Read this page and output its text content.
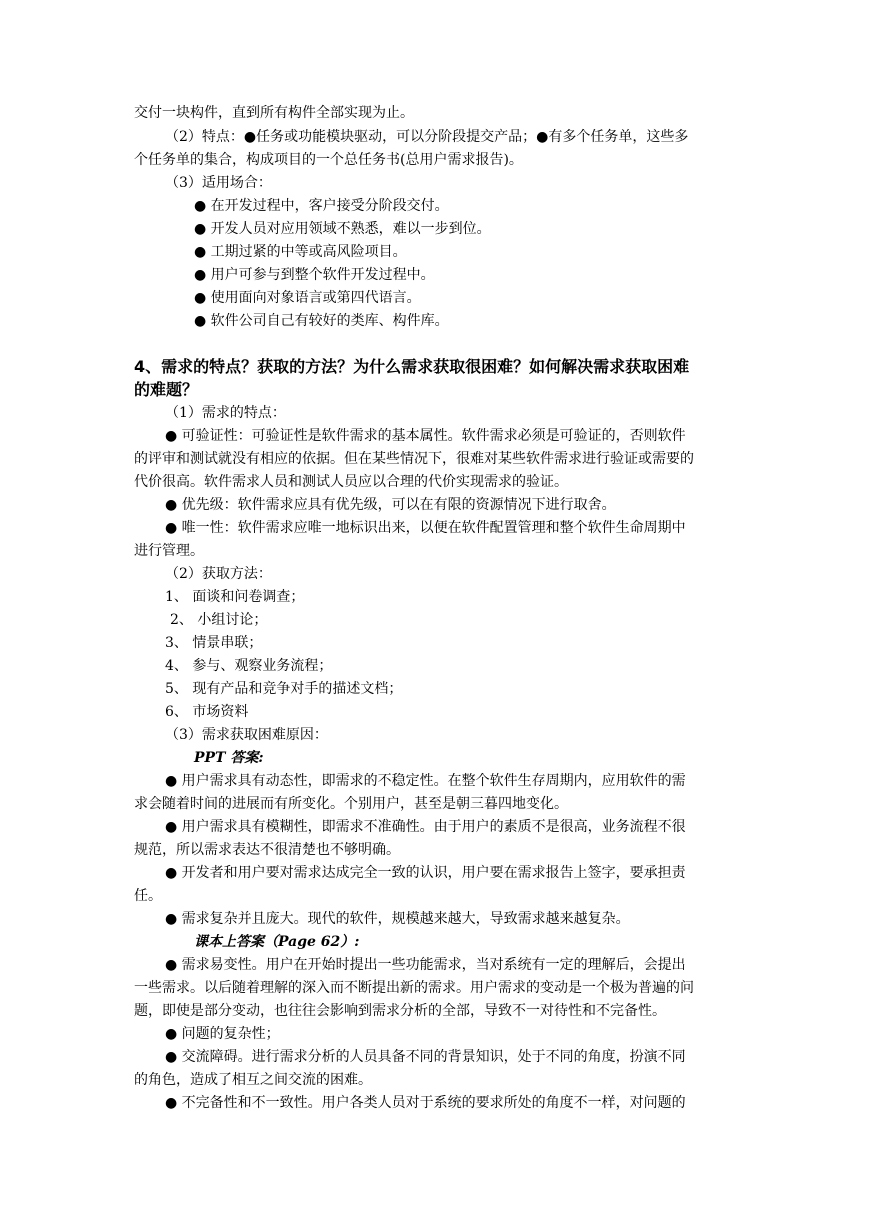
交付一块构件，直到所有构件全部实现为止。
（2）特点：●任务或功能模块驱动，可以分阶段提交产品；●有多个任务单，这些多
个任务单的集合，构成项目的一个总任务书(总用户需求报告)。
（3）适用场合：
● 在开发过程中，客户接受分阶段交付。
● 开发人员对应用领域不熟悉，难以一步到位。
● 工期过紧的中等或高风险项目。
● 用户可参与到整个软件开发过程中。
● 使用面向对象语言或第四代语言。
● 软件公司自己有较好的类库、构件库。
4、需求的特点？获取的方法？为什么需求获取很困难？如何解决需求获取困难
的难题？
（1）需求的特点：
● 可验证性：可验证性是软件需求的基本属性。软件需求必须是可验证的，否则软件
的评审和测试就没有相应的依据。但在某些情况下，很难对某些软件需求进行验证或需要的
代价很高。软件需求人员和测试人员应以合理的代价实现需求的验证。
● 优先级：软件需求应具有优先级，可以在有限的资源情况下进行取舍。
● 唯一性：软件需求应唯一地标识出来，以便在软件配置管理和整个软件生命周期中
进行管理。
（2）获取方法：
1、 面谈和问卷调查；
2、 小组讨论；
3、 情景串联；
4、 参与、观察业务流程；
5、 现有产品和竞争对手的描述文档；
6、 市场资料
（3）需求获取困难原因：
PPT 答案:
● 用户需求具有动态性，即需求的不稳定性。在整个软件生存周期内，应用软件的需
求会随着时间的进展而有所变化。个别用户，甚至是朝三暮四地变化。
● 用户需求具有模糊性，即需求不准确性。由于用户的素质不是很高，业务流程不很
规范，所以需求表达不很清楚也不够明确。
● 开发者和用户要对需求达成完全一致的认识，用户要在需求报告上签字，要承担责
任。
● 需求复杂并且庞大。现代的软件，规模越来越大，导致需求越来越复杂。
课本上答案（Page 62）:
● 需求易变性。用户在开始时提出一些功能需求，当对系统有一定的理解后，会提出
一些需求。以后随着理解的深入而不断提出新的需求。用户需求的变动是一个极为普遍的问
题，即使是部分变动，也往往会影响到需求分析的全部，导致不一对待性和不完备性。
● 问题的复杂性；
● 交流障碍。进行需求分析的人员具备不同的背景知识，处于不同的角度，扮演不同
的角色，造成了相互之间交流的困难。
● 不完备性和不一致性。用户各类人员对于系统的要求所处的角度不一样，对问题的
